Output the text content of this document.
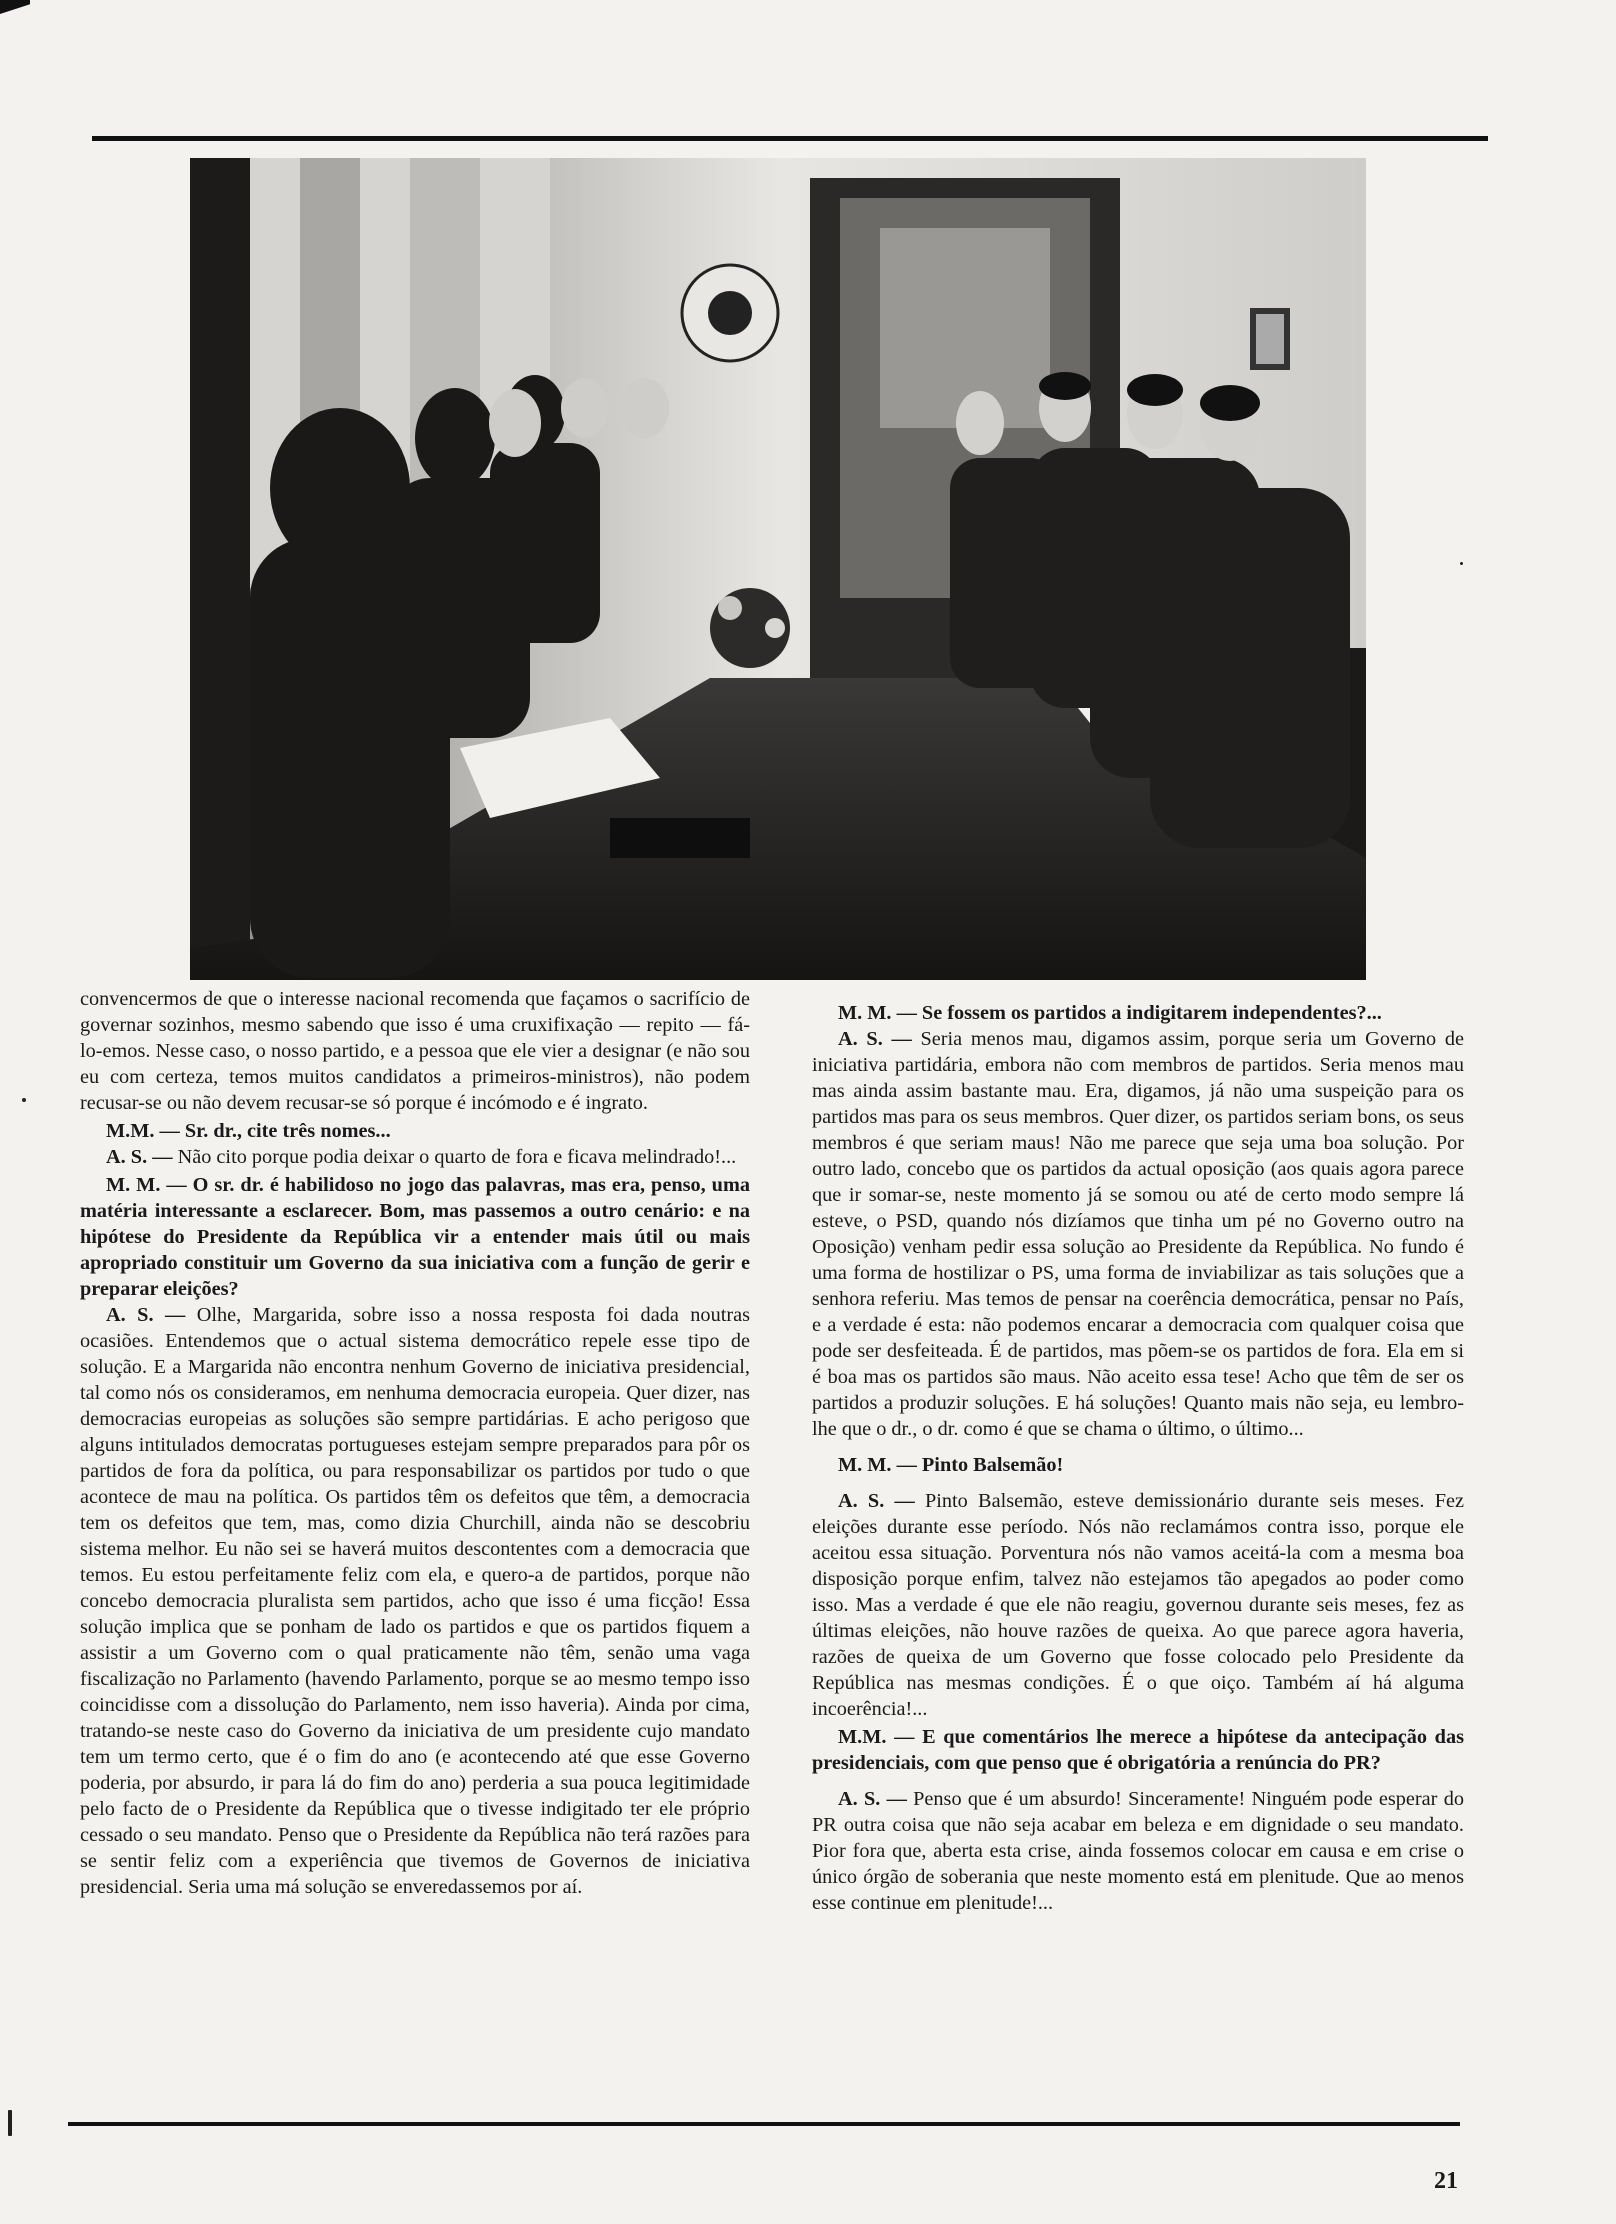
convencermos de que o interesse nacional recomenda que façamos o sacrifício de governar sozinhos, mesmo sabendo que isso é uma cruxifixação — repito — fá-lo-emos. Nesse caso, o nosso partido, e a pessoa que ele vier a designar (e não sou eu com certeza, temos muitos candidatos a primeiros-ministros), não podem recusar-se ou não devem recusar-se só porque é incómodo e é ingrato.

M.M. — Sr. dr., cite três nomes...

A. S. — Não cito porque podia deixar o quarto de fora e ficava melindrado!...

M. M. — O sr. dr. é habilidoso no jogo das palavras, mas era, penso, uma matéria interessante a esclarecer. Bom, mas passemos a outro cenário: e na hipótese do Presidente da República vir a entender mais útil ou mais apropriado constituir um Governo da sua iniciativa com a função de gerir e preparar eleições?

A. S. — Olhe, Margarida, sobre isso a nossa resposta foi dada noutras ocasiões. Entendemos que o actual sistema democrático repele esse tipo de solução. E a Margarida não encontra nenhum Governo de iniciativa presidencial, tal como nós os consideramos, em nenhuma democracia europeia. Quer dizer, nas democracias europeias as soluções são sempre partidárias. E acho perigoso que alguns intitulados democratas portugueses estejam sempre preparados para pôr os partidos de fora da política, ou para responsabilizar os partidos por tudo o que acontece de mau na política. Os partidos têm os defeitos que têm, a democracia tem os defeitos que tem, mas, como dizia Churchill, ainda não se descobriu sistema melhor. Eu não sei se haverá muitos descontentes com a democracia que temos. Eu estou perfeitamente feliz com ela, e quero-a de partidos, porque não concebo democracia pluralista sem partidos, acho que isso é uma ficção! Essa solução implica que se ponham de lado os partidos e que os partidos fiquem a assistir a um Governo com o qual praticamente não têm, senão uma vaga fiscalização no Parlamento (havendo Parlamento, porque se ao mesmo tempo isso coincidisse com a dissolução do Parlamento, nem isso haveria). Ainda por cima, tratando-se neste caso do Governo da iniciativa de um presidente cujo mandato tem um termo certo, que é o fim do ano (e acontecendo até que esse Governo poderia, por absurdo, ir para lá do fim do ano) perderia a sua pouca legitimidade pelo facto de o Presidente da República que o tivesse indigitado ter ele próprio cessado o seu mandato. Penso que o Presidente da República não terá razões para se sentir feliz com a experiência que tivemos de Governos de iniciativa presidencial. Seria uma má solução se enveredassemos por aí.

M. M. — Se fossem os partidos a indigitarem independentes?...

A. S. — Seria menos mau, digamos assim, porque seria um Governo de iniciativa partidária, embora não com membros de partidos. Seria menos mau mas ainda assim bastante mau. Era, digamos, já não uma suspeição para os partidos mas para os seus membros. Quer dizer, os partidos seriam bons, os seus membros é que seriam maus! Não me parece que seja uma boa solução. Por outro lado, concebo que os partidos da actual oposição (aos quais agora parece que ir somar-se, neste momento já se somou ou até de certo modo sempre lá esteve, o PSD, quando nós dizíamos que tinha um pé no Governo outro na Oposição) venham pedir essa solução ao Presidente da República. No fundo é uma forma de hostilizar o PS, uma forma de inviabilizar as tais soluções que a senhora referiu. Mas temos de pensar na coerência democrática, pensar no País, e a verdade é esta: não podemos encarar a democracia com qualquer coisa que pode ser desfeiteada. É de partidos, mas põem-se os partidos de fora. Ela em si é boa mas os partidos são maus. Não aceito essa tese! Acho que têm de ser os partidos a produzir soluções. E há soluções! Quanto mais não seja, eu lembro-lhe que o dr., o dr. como é que se chama o último, o último...

M. M. — Pinto Balsemão!

A. S. — Pinto Balsemão, esteve demissionário durante seis meses. Fez eleições durante esse período. Nós não reclamámos contra isso, porque ele aceitou essa situação. Porventura nós não vamos aceitá-la com a mesma boa disposição porque enfim, talvez não estejamos tão apegados ao poder como isso. Mas a verdade é que ele não reagiu, governou durante seis meses, fez as últimas eleições, não houve razões de queixa. Ao que parece agora haveria, razões de queixa de um Governo que fosse colocado pelo Presidente da República nas mesmas condições. É o que oiço. Também aí há alguma incoerência!...

M.M. — E que comentários lhe merece a hipótese da antecipação das presidenciais, com que penso que é obrigatória a renúncia do PR?

A. S. — Penso que é um absurdo! Sinceramente! Ninguém pode esperar do PR outra coisa que não seja acabar em beleza e em dignidade o seu mandato. Pior fora que, aberta esta crise, ainda fossemos colocar em causa e em crise o único órgão de soberania que neste momento está em plenitude. Que ao menos esse continue em plenitude!...

21
